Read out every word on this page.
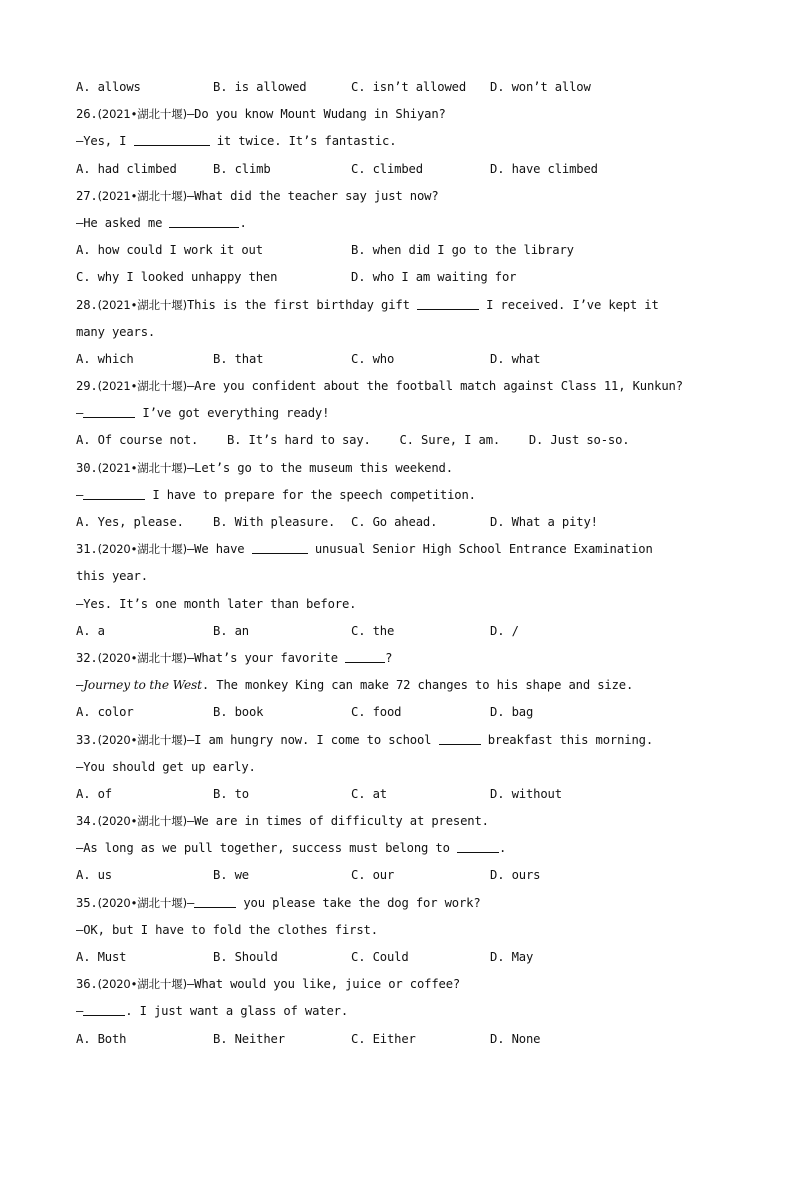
A. allows

	B. is allowed

	C. isn’t allowed

D. won’t allow

26.(2021•湖北十堰)—Do you know Mount Wudang in Shiyan?
—Yes, I	it twice. It’s fantastic.

A. had climbed

	B. climb

	C. climbed

	D. have climbed

27.(2021•湖北十堰)—What did the teacher say just now?
—He asked me	.

A. how could I work it out

	B. when did I go to the library

C. why I looked unhappy then

	D. who I am waiting for

28.(2021•湖北十堰)This is the first birthday gift	I received. I’ve kept it
many years.

A. which

	B. that

	C. who

	D. what

29.(2021•湖北十堰)—Are you confident about the football match against Class 11, Kunkun?
—	I’ve got everything ready!
A. Of course not. B. It’s hard to say. C. Sure, I am. D. Just so-so.
30.(2021•湖北十堰)—Let’s go to the museum this weekend.
—	I have to prepare for the speech competition.

A. Yes, please.

B. With pleasure.

C. Go ahead.

	D. What a pity!

31.(2020•湖北十堰)—We have	unusual Senior High School Entrance Examination
this year.
—Yes. It’s one month later than before.

A. a

	B. an

	C. the

	D. /

32.(2020•湖北十堰)—What’s your favorite	?
—Journey to the West. The monkey King can make 72 changes to his shape and size.

A. color

	B. book

	C. food

	D. bag

33.(2020•湖北十堰)—I am hungry now. I come to school	breakfast this morning.
—You should get up early.

A. of

	B. to

	C. at

	D. without

34.(2020•湖北十堰)—We are in times of difficulty at present.
—As long as we pull together, success must belong to	.

A. us

	B. we

	C. our

	D. ours

35.(2020•湖北十堰)—	you please take the dog for work?
—OK, but I have to fold the clothes first.

A. Must

	B. Should

	C. Could

	D. May

36.(2020•湖北十堰)—What would you like, juice or coffee?
—	. I just want a glass of water.

A. Both

	B. Neither

	C. Either

	D. None
